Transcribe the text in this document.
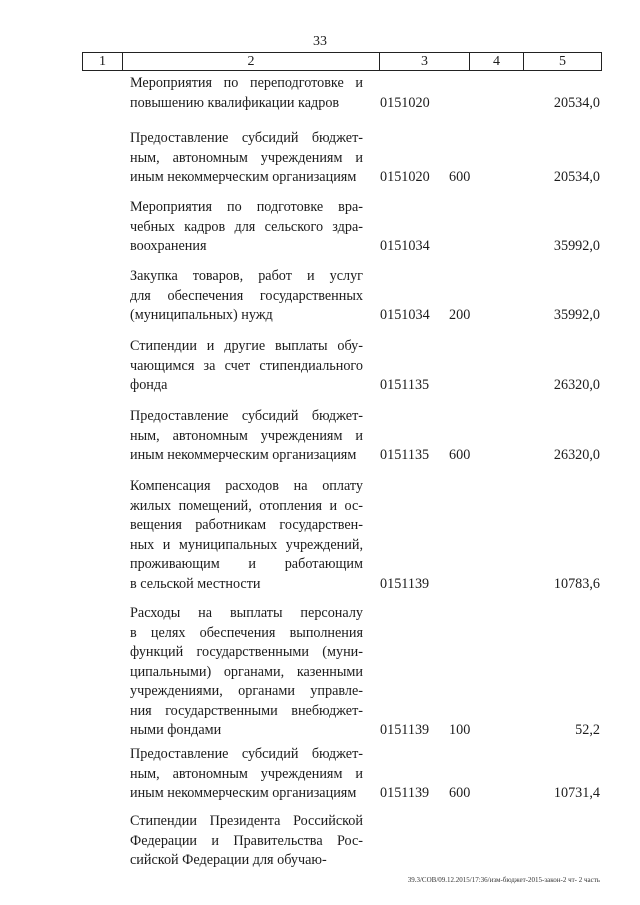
33
1	2	3	4	5
Мероприятия по переподготовке и
повышению квалификации кадров	0151020	20534,0
Предоставление субсидий бюджет-
ным, автономным учреждениям и
иным некоммерческим организациям	0151020 600	20534,0
Мероприятия по подготовке вра-
чебных кадров для сельского здра-
воохранения	0151034	35992,0
Закупка товаров, работ и услуг
для обеспечения государственных
(муниципальных) нужд	0151034 200	35992,0
Стипендии и другие выплаты обу-
чающимся за счет стипендиального
фонда	0151135	26320,0
Предоставление субсидий бюджет-
ным, автономным учреждениям и
иным некоммерческим организациям	0151135 600	26320,0
Компенсация расходов на оплату
жилых помещений, отопления и ос-
вещения работникам государствен-
ных и муниципальных учреждений,
проживающим и работающим
в сельской местности	0151139	10783,6
Расходы на выплаты персоналу
в целях обеспечения выполнения
функций государственными (муни-
ципальными) органами, казенными
учреждениями, органами управле-
ния государственными внебюджет-
ными фондами	0151139 100	52,2
Предоставление субсидий бюджет-
ным, автономным учреждениям и
иным некоммерческим организациям	0151139 600	10731,4
Стипендии Президента Российской
Федерации и Правительства Рос-
сийской Федерации для обучаю-
39.3/СОВ/09.12.2015/17:36/изм-бюджет-2015-закон-2 чт- 2 часть
